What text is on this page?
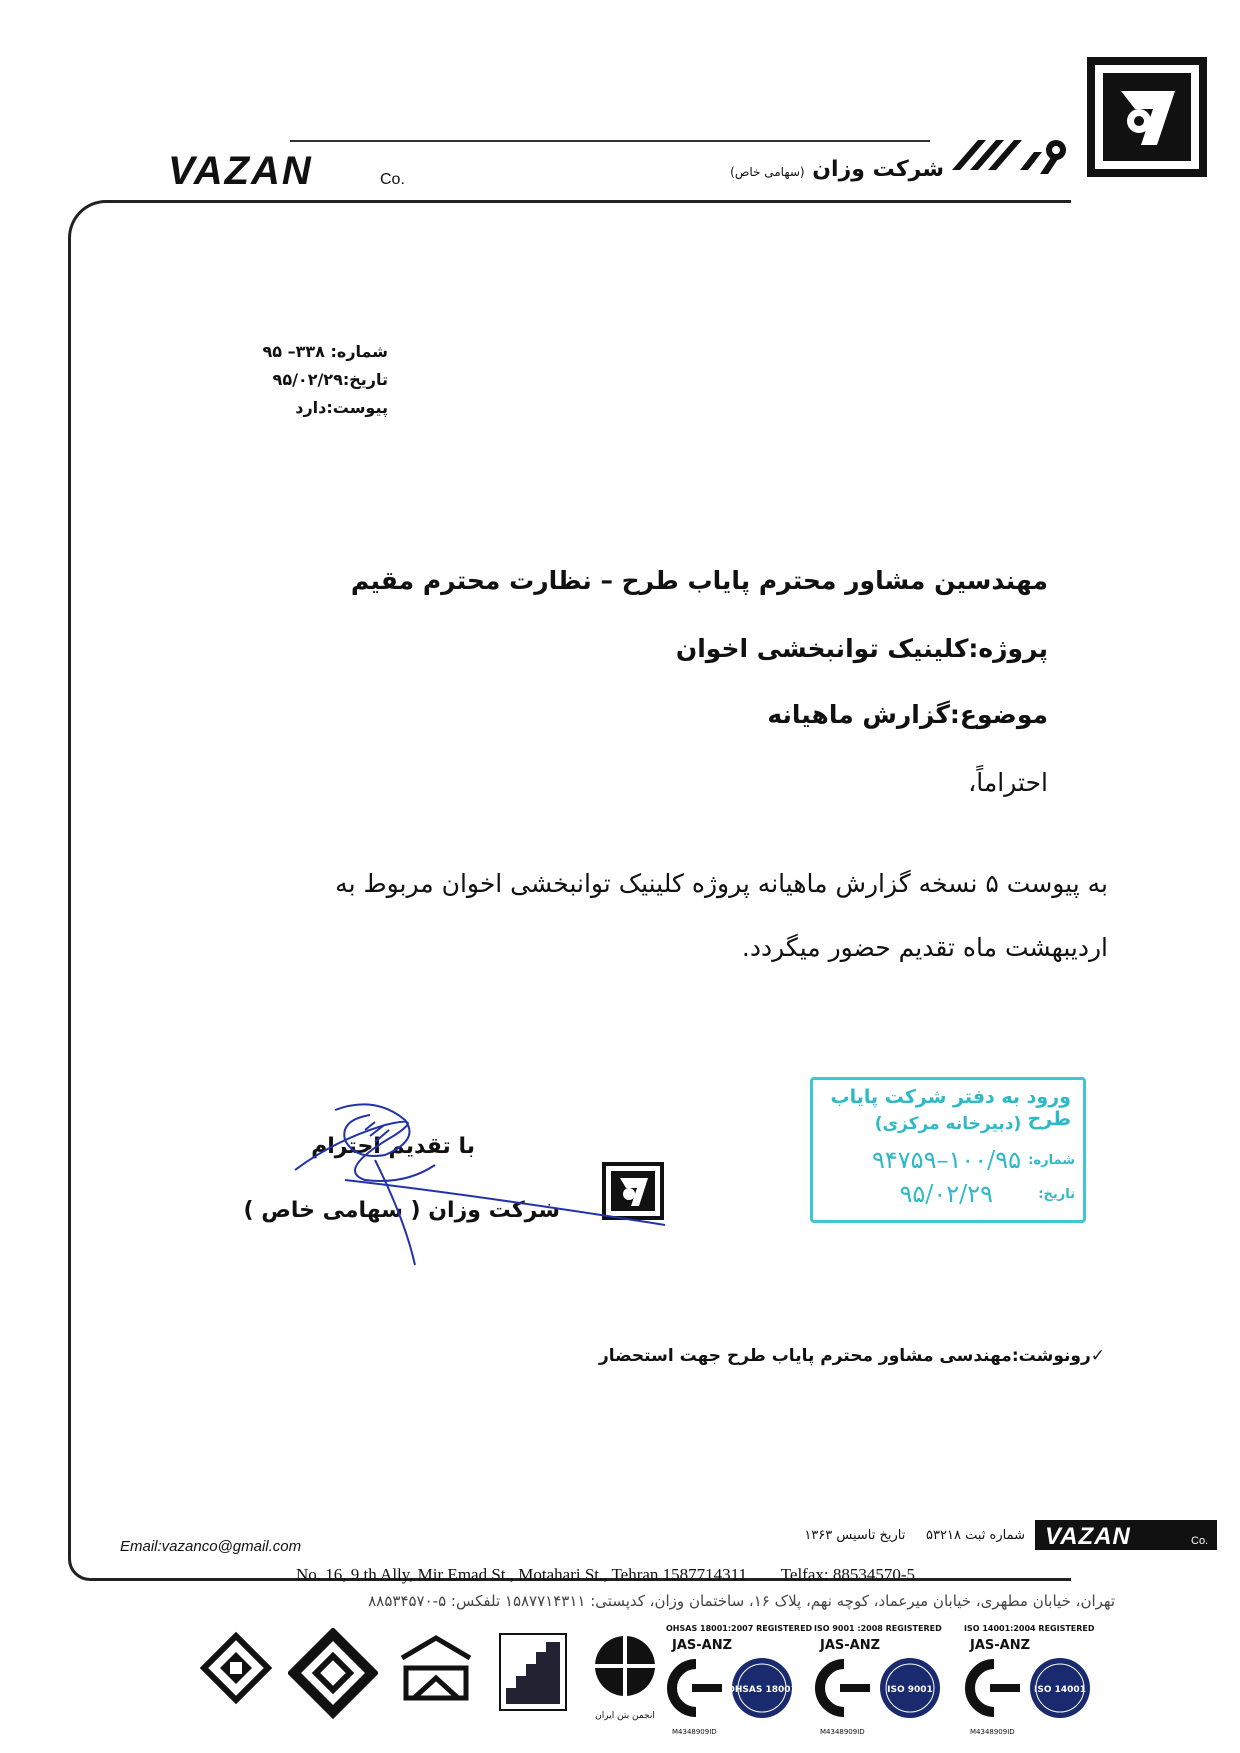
شرکت وزان (سهامی خاص)
VAZAN	Co.
شماره: ۳۳۸– ۹۵
تاریخ:۹۵/۰۲/۲۹
پیوست:دارد
مهندسین مشاور محترم پایاب طرح – نظارت محترم مقیم
پروژه:کلینیک توانبخشی اخوان
موضوع:گزارش ماهیانه
احتراماً،
به پیوست ۵ نسخه گزارش ماهیانه پروژه کلینیک توانبخشی اخوان مربوط به
اردیبهشت ماه تقدیم حضور میگردد.
ورود به دفتر شرکت پایاب طرح
(دبیرخانه مرکزی)
شماره:
۱۰۰/۹۵–۹۴۷۵۹
تاریخ:
۹۵/۰۲/۲۹
با تقدیم احترام
شرکت وزان ( سهامی خاص )
✓رونوشت:مهندسی مشاور محترم پایاب طرح جهت استحضار
Email:vazanco@gmail.com
شماره ثبت ۵۳۲۱۸     تاریخ تاسیس ۱۳۶۳	VAZAN	Co.
No. 16, 9 th Ally, Mir Emad St., Motahari St., Tehran 1587714311 Telfax: 88534570-5
تهران، خیابان مطهری، خیابان میرعماد، کوچه نهم، پلاک ۱۶، ساختمان وزان، کدپستی: ۱۵۸۷۷۱۴۳۱۱ تلفکس: ۵-۸۸۵۳۴۵۷۰
انجمن بتن ایران
OHSAS 18001:2007 REGISTERED
JAS-ANZ
OHSAS 18001
M4348909ID
ISO 9001 :2008 REGISTERED
JAS-ANZ
ISO 9001
M4348909ID
ISO 14001:2004 REGISTERED
JAS-ANZ
ISO 14001
M4348909ID
